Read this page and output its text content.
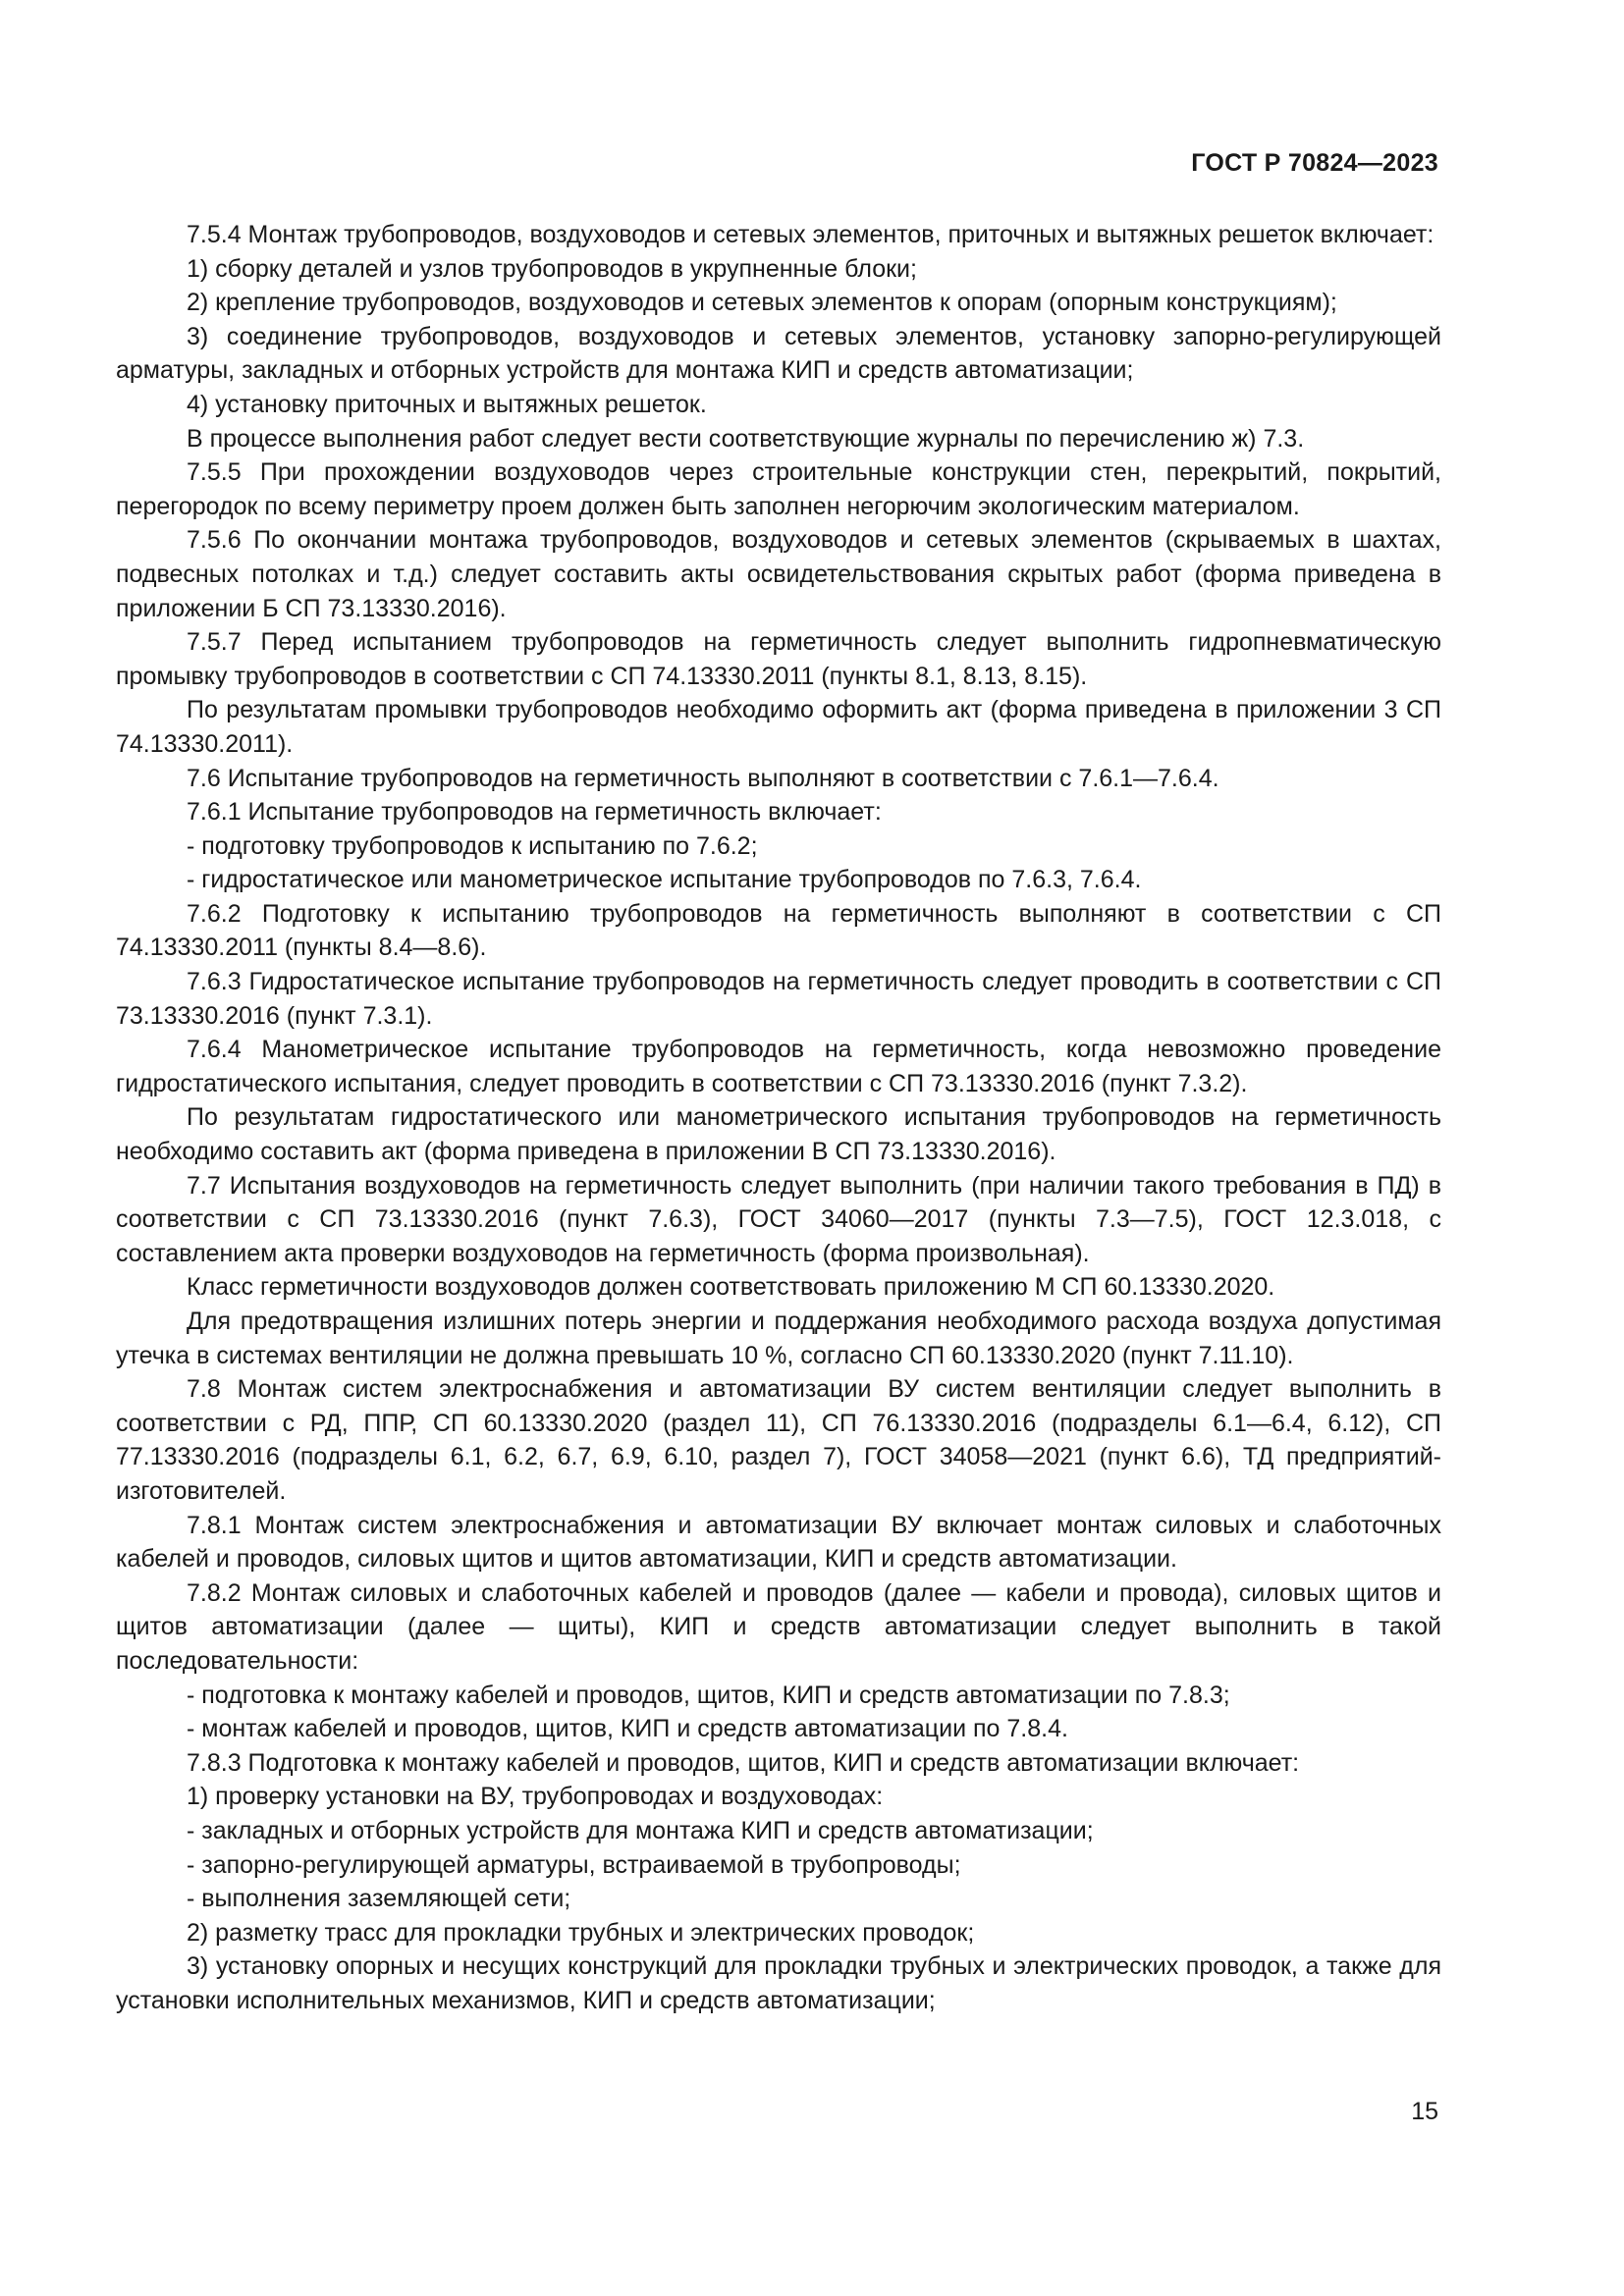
ГОСТ Р 70824—2023

7.5.4 Монтаж трубопроводов, воздуховодов и сетевых элементов, приточных и вытяжных решеток включает:

1) сборку деталей и узлов трубопроводов в укрупненные блоки;

2) крепление трубопроводов, воздуховодов и сетевых элементов к опорам (опорным конструкциям);

3) соединение трубопроводов, воздуховодов и сетевых элементов, установку запорно-регулирующей арматуры, закладных и отборных устройств для монтажа КИП и средств автоматизации;

4) установку приточных и вытяжных решеток.

В процессе выполнения работ следует вести соответствующие журналы по перечислению ж) 7.3.

7.5.5 При прохождении воздуховодов через строительные конструкции стен, перекрытий, покрытий, перегородок по всему периметру проем должен быть заполнен негорючим экологическим материалом.

7.5.6 По окончании монтажа трубопроводов, воздуховодов и сетевых элементов (скрываемых в шахтах, подвесных потолках и т.д.) следует составить акты освидетельствования скрытых работ (форма приведена в приложении Б СП 73.13330.2016).

7.5.7 Перед испытанием трубопроводов на герметичность следует выполнить гидропневматическую промывку трубопроводов в соответствии с СП 74.13330.2011 (пункты 8.1, 8.13, 8.15).

По результатам промывки трубопроводов необходимо оформить акт (форма приведена в приложении 3 СП 74.13330.2011).

7.6 Испытание трубопроводов на герметичность выполняют в соответствии с 7.6.1—7.6.4.

7.6.1 Испытание трубопроводов на герметичность включает:

- подготовку трубопроводов к испытанию по 7.6.2;

- гидростатическое или манометрическое испытание трубопроводов по 7.6.3, 7.6.4.

7.6.2 Подготовку к испытанию трубопроводов на герметичность выполняют в соответствии с СП 74.13330.2011 (пункты 8.4—8.6).

7.6.3 Гидростатическое испытание трубопроводов на герметичность следует проводить в соответствии с СП 73.13330.2016 (пункт 7.3.1).

7.6.4 Манометрическое испытание трубопроводов на герметичность, когда невозможно проведение гидростатического испытания, следует проводить в соответствии с СП 73.13330.2016 (пункт 7.3.2).

По результатам гидростатического или манометрического испытания трубопроводов на герметичность необходимо составить акт (форма приведена в приложении В СП 73.13330.2016).

7.7 Испытания воздуховодов на герметичность следует выполнить (при наличии такого требования в ПД) в соответствии с СП 73.13330.2016 (пункт 7.6.3), ГОСТ 34060—2017 (пункты 7.3—7.5), ГОСТ 12.3.018, с составлением акта проверки воздуховодов на герметичность (форма произвольная).

Класс герметичности воздуховодов должен соответствовать приложению М СП 60.13330.2020.

Для предотвращения излишних потерь энергии и поддержания необходимого расхода воздуха допустимая утечка в системах вентиляции не должна превышать 10 %, согласно СП 60.13330.2020 (пункт 7.11.10).

7.8 Монтаж систем электроснабжения и автоматизации ВУ систем вентиляции следует выполнить в соответствии с РД, ППР, СП 60.13330.2020 (раздел 11), СП 76.13330.2016 (подразделы 6.1—6.4, 6.12), СП 77.13330.2016 (подразделы 6.1, 6.2, 6.7, 6.9, 6.10, раздел 7), ГОСТ 34058—2021 (пункт 6.6), ТД предприятий-изготовителей.

7.8.1 Монтаж систем электроснабжения и автоматизации ВУ включает монтаж силовых и слаботочных кабелей и проводов, силовых щитов и щитов автоматизации, КИП и средств автоматизации.

7.8.2 Монтаж силовых и слаботочных кабелей и проводов (далее — кабели и провода), силовых щитов и щитов автоматизации (далее — щиты), КИП и средств автоматизации следует выполнить в такой последовательности:

- подготовка к монтажу кабелей и проводов, щитов, КИП и средств автоматизации по 7.8.3;

- монтаж кабелей и проводов, щитов, КИП и средств автоматизации по 7.8.4.

7.8.3 Подготовка к монтажу кабелей и проводов, щитов, КИП и средств автоматизации включает:

1) проверку установки на ВУ, трубопроводах и воздуховодах:

- закладных и отборных устройств для монтажа КИП и средств автоматизации;

- запорно-регулирующей арматуры, встраиваемой в трубопроводы;

- выполнения заземляющей сети;

2) разметку трасс для прокладки трубных и электрических проводок;

3) установку опорных и несущих конструкций для прокладки трубных и электрических проводок, а также для установки исполнительных механизмов, КИП и средств автоматизации;

15
